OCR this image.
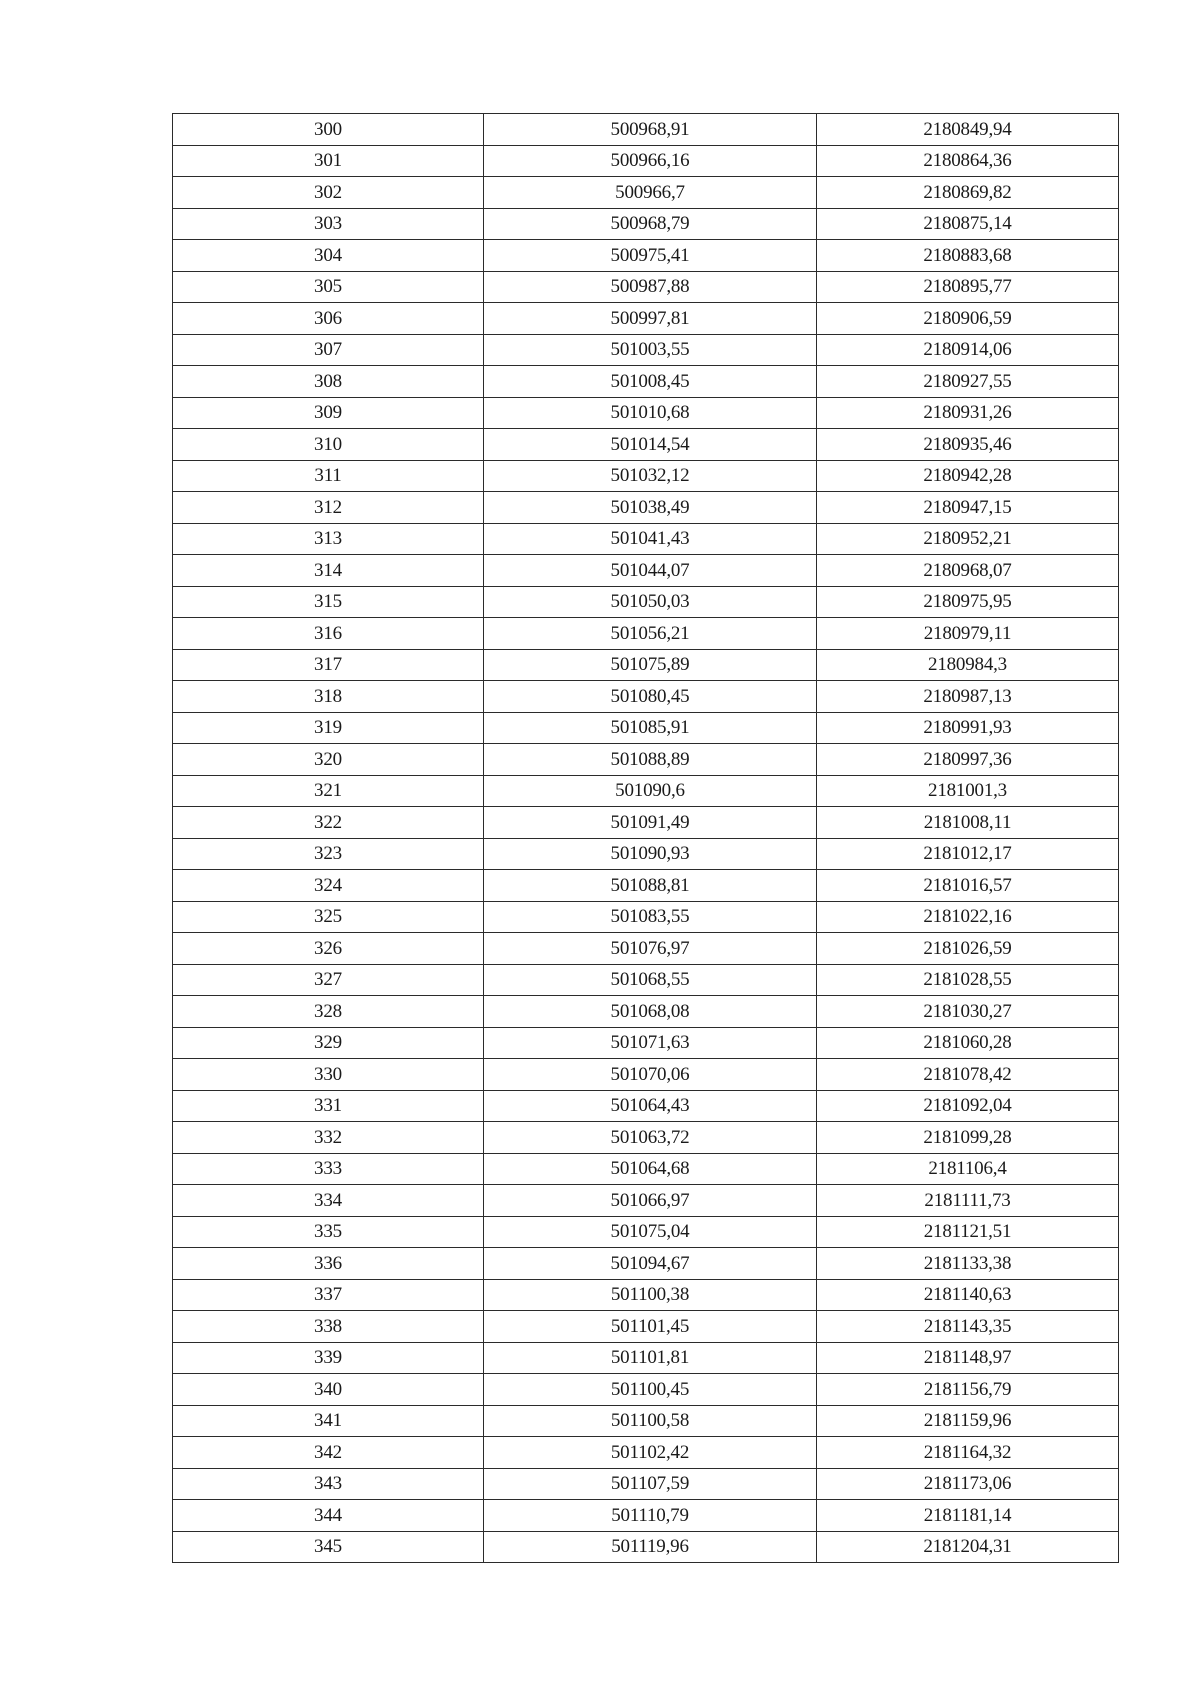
300	500968,91	2180849,94
301	500966,16	2180864,36
302	500966,7	2180869,82
303	500968,79	2180875,14
304	500975,41	2180883,68
305	500987,88	2180895,77
306	500997,81	2180906,59
307	501003,55	2180914,06
308	501008,45	2180927,55
309	501010,68	2180931,26
310	501014,54	2180935,46
311	501032,12	2180942,28
312	501038,49	2180947,15
313	501041,43	2180952,21
314	501044,07	2180968,07
315	501050,03	2180975,95
316	501056,21	2180979,11
317	501075,89	2180984,3
318	501080,45	2180987,13
319	501085,91	2180991,93
320	501088,89	2180997,36
321	501090,6	2181001,3
322	501091,49	2181008,11
323	501090,93	2181012,17
324	501088,81	2181016,57
325	501083,55	2181022,16
326	501076,97	2181026,59
327	501068,55	2181028,55
328	501068,08	2181030,27
329	501071,63	2181060,28
330	501070,06	2181078,42
331	501064,43	2181092,04
332	501063,72	2181099,28
333	501064,68	2181106,4
334	501066,97	2181111,73
335	501075,04	2181121,51
336	501094,67	2181133,38
337	501100,38	2181140,63
338	501101,45	2181143,35
339	501101,81	2181148,97
340	501100,45	2181156,79
341	501100,58	2181159,96
342	501102,42	2181164,32
343	501107,59	2181173,06
344	501110,79	2181181,14
345	501119,96	2181204,31
